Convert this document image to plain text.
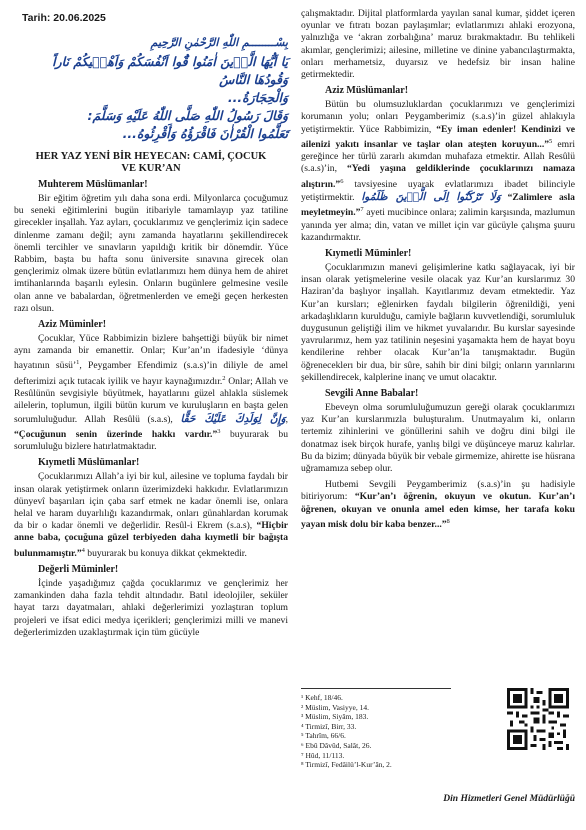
Tarih: 20.06.2025
بِسْــــــــمِ اللّٰهِ الرَّحْمٰنِ الرَّحِيمِ
يَا اَيُّهَا الَّذ۪ينَ اٰمَنُوا قُٓوا اَنْفُسَكُمْ وَاَهْل۪يكُمْ نَاراً وَقُودُهَا النَّاسُ
وَالْحِجَارَةُ...
وَقَالَ رَسُولُ اللّٰهِ صَلَّى اللّٰهُ عَلَيْهِ وَسَلَّمَ:
تَعَلَّمُوا الْقُرْاٰنَ فَاقْرَؤُهُ وَأَقْرِئُوهُ...
HER YAZ YENİ BİR HEYECAN: CAMİ, ÇOCUK
VE KUR’AN
Muhterem Müslümanlar!

Bir eğitim öğretim yılı daha sona erdi. Milyonlarca çocuğumuz bu seneki eğitimlerini bugün itibariyle tamamlayıp yaz tatiline girecekler inşallah. Yaz ayları, çocuklarımız ve gençlerimiz için sadece dinlenme zamanı değil; aynı zamanda hayatlarını şekillendirecek önemli tercihler ve sınavların yapıldığı kritik bir dönemdir. Yüce Rabbim, başta bu hafta sonu üniversite sınavına girecek olan gençlerimiz olmak üzere bütün evlatlarımızı hem dünya hem de ahiret imtihanlarında başarılı eylesin. Onların bugünlere gelmesine vesile olan anne ve babalardan, öğretmenlerden ve emeği geçen herkesten razı olsun.

Aziz Müminler!

Çocuklar, Yüce Rabbimizin bizlere bahşettiği büyük bir nimet aynı zamanda bir emanettir. Onlar; Kur’an’ın ifadesiyle ‘dünya hayatının süsü’$^1$, Peygamber Efendimiz (s.a.s)’in diliyle de amel defterimizi açık tutacak iyilik ve hayır kaynağımızdır.$^2$ Onlar; Allah ve Resûlünün sevgisiyle büyütmek, hayatlarını güzel ahlakla süslemek ailelerin, toplumun, ilgili bütün kurum ve kuruluşların en başta gelen sorumluluğudur. Allah Resûlü (s.a.s), وَإِنَّ لِوَلَدِكَ عَلَيْكَ حَقًّا, “Çocuğunun senin üzerinde hakkı vardır.”$^3$ buyurarak bu sorumluluğu bizlere hatırlatmaktadır.

Kıymetli Müslümanlar!

Çocuklarımızı Allah’a iyi bir kul, ailesine ve topluma faydalı bir insan olarak yetiştirmek onların üzerimizdeki hakkıdır. Evlatlarımızın dünyevî başarıları için çaba sarf etmek ne kadar önemli ise, onlara helal ve haram duyarlılığı kazandırmak, onları günahlardan korumak da bir o kadar önemli ve değerlidir. Resûl-i Ekrem (s.a.s), “Hiçbir anne baba, çocuğuna güzel terbiyeden daha kıymetli bir bağışta bulunmamıştır.”$^4$ buyurarak bu konuya dikkat çekmektedir.

Değerli Müminler!

İçinde yaşadığımız çağda çocuklarımız ve gençlerimiz her zamankinden daha fazla tehdit altındadır. Batıl ideolojiler, seküler hayat tarzı dayatmaları, ahlaki değerlerimizi yozlaştıran toplum projeleri ve ifsat edici medya içerikleri; gençlerimizi milli ve manevi değerlerimizden uzaklaştırmak için tüm gücüyle

çalışmaktadır. Dijital platformlarda yayılan sanal kumar, şiddet içeren oyunlar ve fıtratı bozan paylaşımlar; evlatlarımızı ahlaki erozyona, yalnızlığa ve ‘akran zorbalığına’ maruz bırakmaktadır. Bu tehlikeli akımlar, gençlerimizi; ailesine, milletine ve dinine yabancılaştırmakta, onları merhametsiz, duyarsız ve hedefsiz bir insan haline getirmektedir.

Aziz Müslümanlar!

Bütün bu olumsuzluklardan çocuklarımızı ve gençlerimizi korumanın yolu; onları Peygamberimiz (s.a.s)’in güzel ahlakıyla yetiştirmektir. Yüce Rabbimizin, “Ey iman edenler! Kendinizi ve ailenizi yakıtı insanlar ve taşlar olan ateşten koruyun...”$^5$ emri gereğince her türlü zararlı akımdan muhafaza etmektir. Allah Resûlü (s.a.s)’in, “Yedi yaşına geldiklerinde çocuklarınızı namaza alıştırın.”$^6$ tavsiyesine uyarak evlatlarımızı ibadet bilinciyle yetiştirmektir. وَلَا تَرْكَنُٓوا اِلَى الَّذ۪ينَ ظَلَمُوا “Zalimlere asla meyletmeyin.”$^7$ ayeti mucibince onlara; zalimin karşısında, mazlumun yanında yer alma; din, vatan ve millet için var gücüyle çalışma şuuru kazandırmaktır.

Kıymetli Müminler!

Çocuklarımızın manevi gelişimlerine katkı sağlayacak, iyi bir insan olarak yetişmelerine vesile olacak yaz Kur’an kurslarımız 30 Haziran’da başlıyor inşallah. Kayıtlarımız devam etmektedir. Yaz Kur’an kursları; eğlenirken faydalı bilgilerin öğrenildiği, yeni arkadaşlıkların kurulduğu, camiyle bağların kuvvetlendiği, sorumluluk duygusunun geliştiği ilim ve hikmet yuvalarıdır. Bu kurslar sayesinde yavrularımız, hem yaz tatilinin neşesini yaşamakta hem de hayat boyu kendilerine rehber olacak Kur’an’la tanışmaktadır. Bugün öğreneceklerı bir dua, bir sûre, sahih bir dini bilgi; onların yarınlarını şekillendirecek, kalplerine inanç ve umut olacaktır.

Sevgili Anne Babalar!

Ebeveyn olma sorumluluğumuzun gereği olarak çocuklarımızı yaz Kur’an kurslarımızla buluşturalım. Unutmayalım ki, onların tertemiz zihinlerini ve gönüllerini sahih ve doğru dini bilgi ile donatmaz isek birçok hurafe, yanlış bilgi ve düşünceye maruz kalırlar. Bu da bizim; dünyada büyük bir vebale girmemize, ahirette ise hüsrana uğramamıza sebep olur.

Hutbemi Sevgili Peygamberimiz (s.a.s)’in şu hadisiyle bitiriyorum: “Kur’an’ı öğrenin, okuyun ve okutun. Kur’an’ı öğrenen, okuyan ve onunla amel eden kimse, her tarafa koku yayan misk dolu bir kaba benzer...”$^8$

¹ Kehf, 18/46.
² Müslim, Vasiyye, 14.
³ Müslim, Siyâm, 183.
⁴ Tirmizî, Birr, 33.
⁵ Tahrîm, 66/6.
⁶ Ebû Dâvûd, Salât, 26.
⁷ Hûd, 11/113.
⁸ Tirmizî, Fedâilü’l-Kur’ân, 2.
Din Hizmetleri Genel Müdürlüğü
